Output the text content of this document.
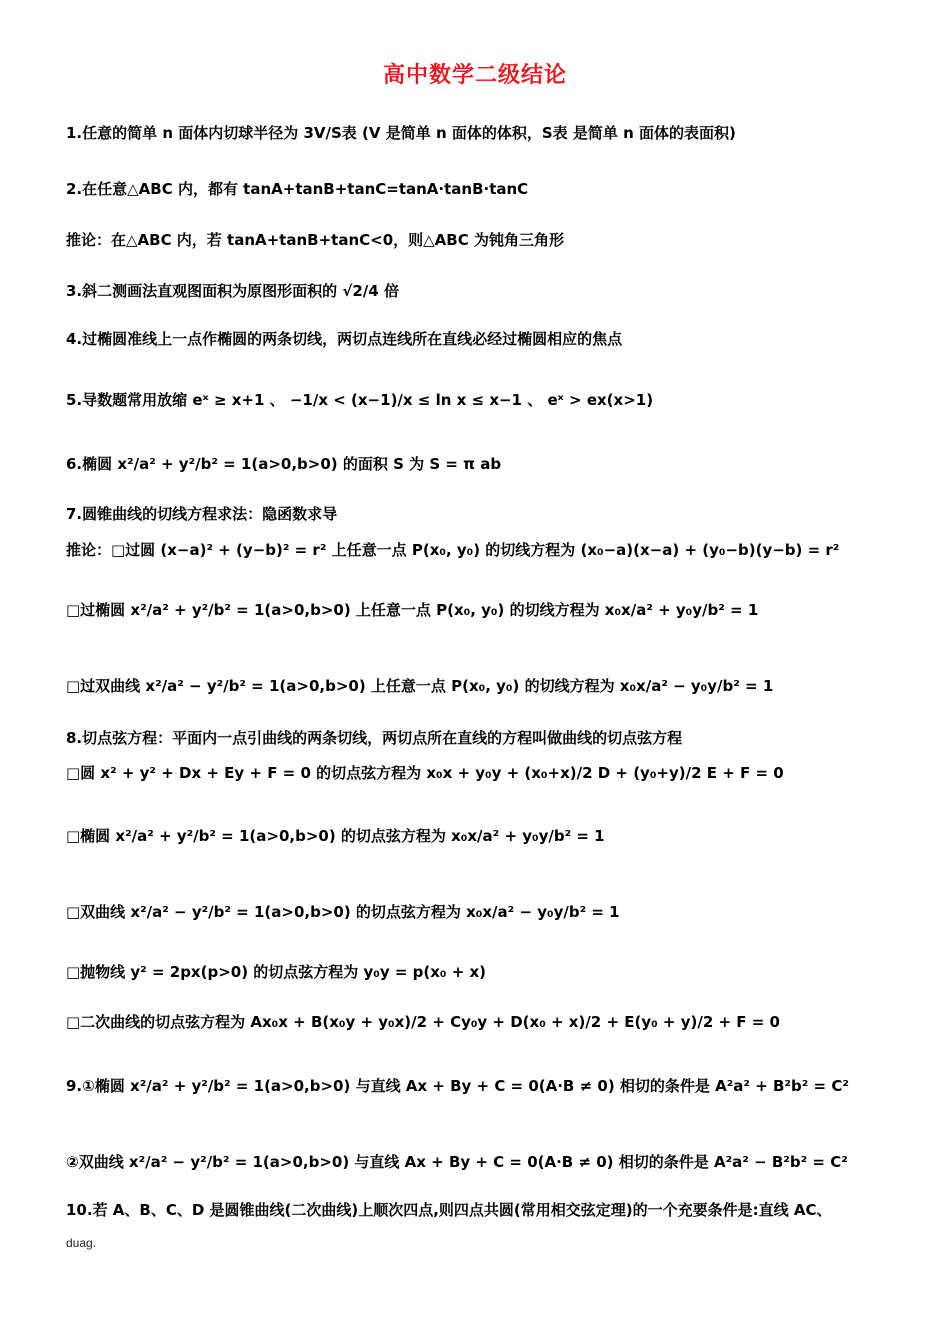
高中数学二级结论
1.任意的简单 n 面体内切球半径为 3V/S表 (V 是简单 n 面体的体积，S表 是简单 n 面体的表面积)
2.在任意△ABC 内，都有 tanA+tanB+tanC=tanA·tanB·tanC
推论：在△ABC 内，若 tanA+tanB+tanC<0，则△ABC 为钝角三角形
3.斜二测画法直观图面积为原图形面积的 √2/4 倍
4.过椭圆准线上一点作椭圆的两条切线，两切点连线所在直线必经过椭圆相应的焦点
5.导数题常用放缩 eˣ ≥ x+1 、 −1/x < (x−1)/x ≤ ln x ≤ x−1 、 eˣ > ex(x>1)
6.椭圆 x²/a² + y²/b² = 1(a>0,b>0) 的面积 S 为 S = π ab
7.圆锥曲线的切线方程求法：隐函数求导
推论：□过圆 (x−a)² + (y−b)² = r² 上任意一点 P(x₀, y₀) 的切线方程为 (x₀−a)(x−a) + (y₀−b)(y−b) = r²
□过椭圆 x²/a² + y²/b² = 1(a>0,b>0) 上任意一点 P(x₀, y₀) 的切线方程为 x₀x/a² + y₀y/b² = 1
□过双曲线 x²/a² − y²/b² = 1(a>0,b>0) 上任意一点 P(x₀, y₀) 的切线方程为 x₀x/a² − y₀y/b² = 1
8.切点弦方程：平面内一点引曲线的两条切线，两切点所在直线的方程叫做曲线的切点弦方程
□圆 x² + y² + Dx + Ey + F = 0 的切点弦方程为 x₀x + y₀y + (x₀+x)/2 D + (y₀+y)/2 E + F = 0
□椭圆 x²/a² + y²/b² = 1(a>0,b>0) 的切点弦方程为 x₀x/a² + y₀y/b² = 1
□双曲线 x²/a² − y²/b² = 1(a>0,b>0) 的切点弦方程为 x₀x/a² − y₀y/b² = 1
□抛物线 y² = 2px(p>0) 的切点弦方程为 y₀y = p(x₀ + x)
□二次曲线的切点弦方程为 Ax₀x + B(x₀y + y₀x)/2 + Cy₀y + D(x₀ + x)/2 + E(y₀ + y)/2 + F = 0
9.①椭圆 x²/a² + y²/b² = 1(a>0,b>0) 与直线 Ax + By + C = 0(A·B ≠ 0) 相切的条件是 A²a² + B²b² = C²
②双曲线 x²/a² − y²/b² = 1(a>0,b>0) 与直线 Ax + By + C = 0(A·B ≠ 0) 相切的条件是 A²a² − B²b² = C²
10.若 A、B、C、D 是圆锥曲线(二次曲线)上顺次四点,则四点共圆(常用相交弦定理)的一个充要条件是:直线 AC、
duag.
